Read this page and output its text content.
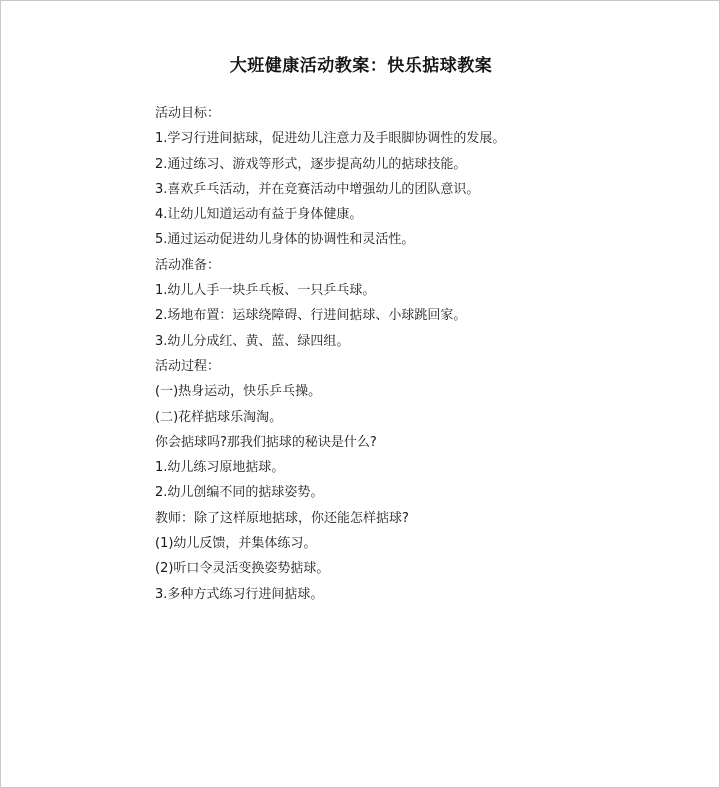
大班健康活动教案：快乐掂球教案
活动目标：
1.学习行进间掂球，促进幼儿注意力及手眼脚协调性的发展。
2.通过练习、游戏等形式，逐步提高幼儿的掂球技能。
3.喜欢乒乓活动，并在竞赛活动中增强幼儿的团队意识。
4.让幼儿知道运动有益于身体健康。
5.通过运动促进幼儿身体的协调性和灵活性。
活动准备：
1.幼儿人手一块乒乓板、一只乒乓球。
2.场地布置：运球绕障碍、行进间掂球、小球跳回家。
3.幼儿分成红、黄、蓝、绿四组。
活动过程：
(一)热身运动，快乐乒乓操。
(二)花样掂球乐淘淘。
你会掂球吗?那我们掂球的秘诀是什么?
1.幼儿练习原地掂球。
2.幼儿创编不同的掂球姿势。
教师：除了这样原地掂球，你还能怎样掂球?
(1)幼儿反馈，并集体练习。
(2)听口令灵活变换姿势掂球。
3.多种方式练习行进间掂球。
